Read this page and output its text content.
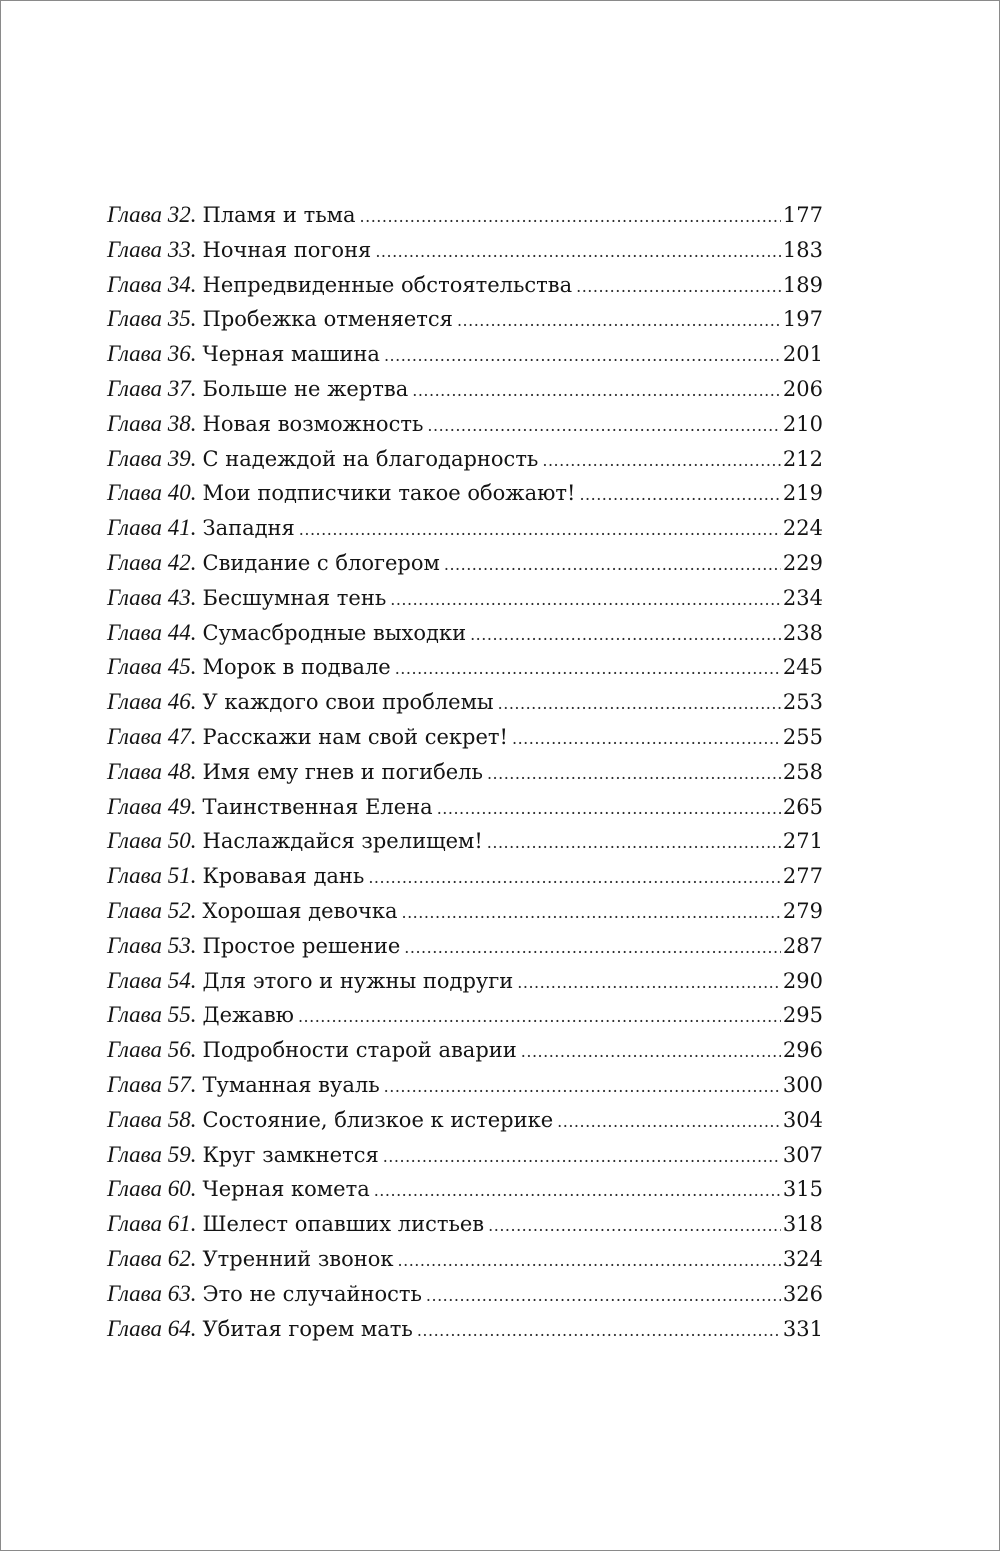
Глава 32. Пламя и тьма .....	177
Глава 33. Ночная погоня .....	183
Глава 34. Непредвиденные обстоятельства .....	189
Глава 35. Пробежка отменяется .....	197
Глава 36. Черная машина .....	201
Глава 37. Больше не жертва .....	206
Глава 38. Новая возможность .....	210
Глава 39. С надеждой на благодарность .....	212
Глава 40. Мои подписчики такое обожают! .....	219
Глава 41. Западня .....	224
Глава 42. Свидание с блогером .....	229
Глава 43. Бесшумная тень .....	234
Глава 44. Сумасбродные выходки .....	238
Глава 45. Морок в подвале .....	245
Глава 46. У каждого свои проблемы .....	253
Глава 47. Расскажи нам свой секрет! .....	255
Глава 48. Имя ему гнев и погибель .....	258
Глава 49. Таинственная Елена .....	265
Глава 50. Наслаждайся зрелищем! .....	271
Глава 51. Кровавая дань .....	277
Глава 52. Хорошая девочка .....	279
Глава 53. Простое решение .....	287
Глава 54. Для этого и нужны подруги .....	290
Глава 55. Дежавю .....	295
Глава 56. Подробности старой аварии .....	296
Глава 57. Туманная вуаль .....	300
Глава 58. Состояние, близкое к истерике .....	304
Глава 59. Круг замкнется .....	307
Глава 60. Черная комета .....	315
Глава 61. Шелест опавших листьев .....	318
Глава 62. Утренний звонок .....	324
Глава 63. Это не случайность .....	326
Глава 64. Убитая горем мать .....	331
